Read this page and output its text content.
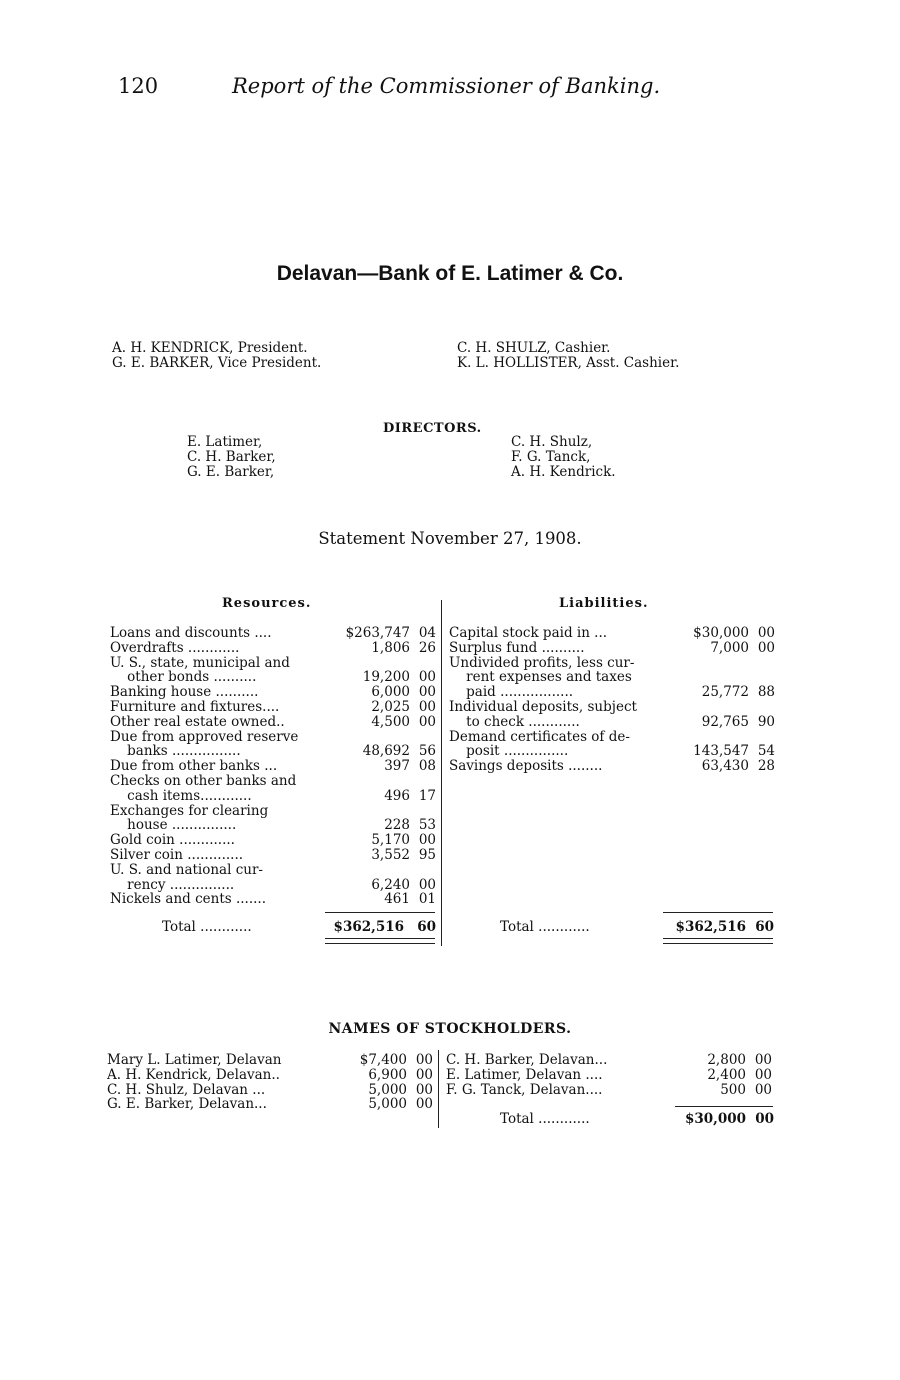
120	Report of the Commissioner of Banking.
Delavan—Bank of E. Latimer & Co.
A. H. KENDRICK, President.
G. E. BARKER, Vice President.
C. H. SHULZ, Cashier.
K. L. HOLLISTER, Asst. Cashier.
DIRECTORS.
E. Latimer,
C. H. Barker,
G. E. Barker,
C. H. Shulz,
F. G. Tanck,
A. H. Kendrick.
Statement November 27, 1908.
Resources.	Liabilities.
Loans and discounts ....	$263,747 04
Overdrafts ............	1,806 26
U. S., state, municipal and
other bonds ..........	19,200 00
Banking house ..........	6,000 00
Furniture and fixtures....	2,025 00
Other real estate owned..	4,500 00
Due from approved reserve
banks ................	48,692 56
Due from other banks ...	397 08
Checks on other banks and
cash items............	496 17
Exchanges for clearing
house ...............	228 53
Gold coin .............	5,170 00
Silver coin .............	3,552 95
U. S. and national cur-
rency ...............	6,240 00
Nickels and cents .......	461 01
Capital stock paid in ...	$30,000 00
Surplus fund ..........	7,000 00
Undivided profits, less cur-
rent expenses and taxes
paid .................	25,772 88
Individual deposits, subject
to check ............	92,765 90
Demand certificates of de-
posit ...............	143,547 54
Savings deposits ........	63,430 28
Total ............	$362,516 60	Total ............	$362,516 60
NAMES OF STOCKHOLDERS.
Mary L. Latimer, Delavan	$7,400 00
A. H. Kendrick, Delavan..	6,900 00
C. H. Shulz, Delavan ...	5,000 00
G. E. Barker, Delavan...	5,000 00
C. H. Barker, Delavan...	2,800 00
E. Latimer, Delavan ....	2,400 00
F. G. Tanck, Delavan....	500 00
Total ............	$30,000 00
